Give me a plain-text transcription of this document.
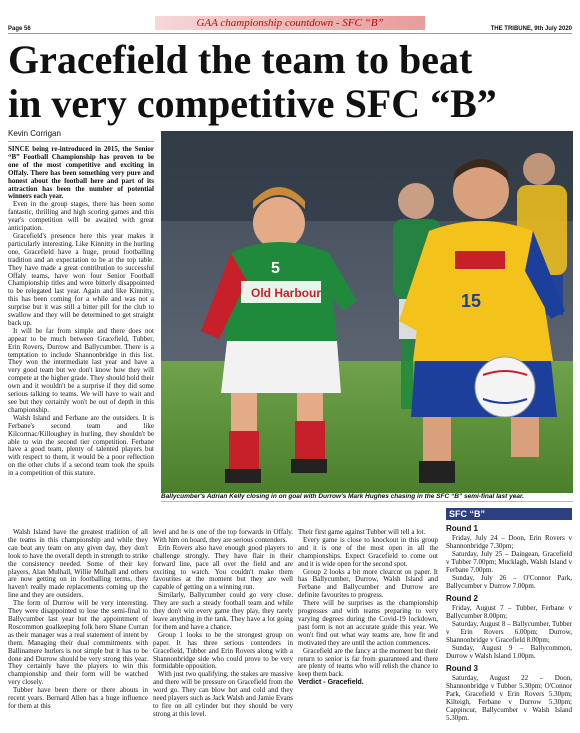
Page 56	GAA championship countdown - SFC “B”	THE TRIBUNE, 9th July 2020
Gracefield the team to beat
in very competitive SFC “B”
Kevin Corrigan

SINCE being re-introduced in 2015, the Senior “B” Football Championship has proven to be one of the most competitive and exciting in Offaly. There has been something very pure and honest about the football here and part of its attraction has been the number of potential winners each year.

Even in the group stages, there has been some fantastic, thrilling and high scoring games and this year's competition will be awaited with great anticipation.

Gracefield's presence here this year makes it particularly interesting. Like Kinnitty in the hurling one, Gracefield have a huge, proud footballing tradition and an expectation to be at the top table. They have made a great contribution to successful Offaly teams, have won four Senior Football Championship titles and were bitterly disappointed to be relegated last year. Again and like Kinnitty, this has been coming for a while and was not a surprise but it was still a bitter pill for the club to swallow and they will be determined to get straight back up.

It will be far from simple and there does not appear to be much between Gracefield, Tubber, Erin Rovers, Durrow and Ballycumber. There is a temptation to include Shannonbridge in this list. They won the intermediate last year and have a very good team but we don't know how they will compete at the higher grade. They should hold their own and it wouldn't be a surprise if they did some serious talking to teams. We will have to wait and see but they certainly won't be out of depth in this championship.

Walsh Island and Ferbane are the outsiders. It is Ferbane's second team and like Kilcormac/Killoughey in hurling, they shouldn't be able to win the second tier competition. Ferbane have a good team, plenty of talented players but with respect to them, it would be a poor reflection on the other clubs if a second team took the spoils in a competition of this stature.

Old Harbour
5
15
Ballycumber's Adrian Kelly closing in on goal with Durrow's Mark Hughes chasing in the SFC “B” semi-final last year.

Walsh Island have the greatest tradition of all the teams in this championship and while they can beat any team on any given day, they don't look to have the overall depth in strength to strike the consistency needed. Some of their key players, Alan Mulhall, Willie Mulhall and others are now getting on in footballing terms, they haven't really made replacements coming up the line and they are outsiders.

The form of Durrow will be very interesting. They were disappointed to lose the semi-final to Ballycumber last year but the appointment of Roscommon goalkeeping folk hero Shane Curran as their manager was a real statement of intent by them. Managing their dual commitments with Ballinamere hurlers is not simple but it has to be done and Durrow should be very strong this year. They certainly have the players to win this championship and their form will be watched very closely.

Tubber have been there or there abouts in recent years. Bernard Allen has a huge influence for them at this

level and he is one of the top forwards in Offaly. With him on board, they are serious contenders.

Erin Rovers also have enough good players to challenge strongly. They have flair in their forward line, pace all over the field and are exciting to watch. You couldn't make them favourites at the moment but they are well capable of getting on a winning run.

Similarly, Ballycumber could go very close. They are such a steady football team and while they don't win every game they play, they rarely leave anything in the tank. They have a lot going for them and have a chance.

Group 1 looks to be the strongest group on paper. It has three serious contenders in Gracefield, Tubber and Erin Rovers along with a Shannonbridge side who could prove to be very formidable opposition.

With just two qualifying, the stakes are massive and there will be pressure on Gracefield from the word go. They can blow hot and cold and they need players such as Jack Walsh and Jamie Evans to fire on all cylinder but they should be very strong at this level.

Their first game against Tubber will tell a lot.

Every game is close to knockout in this group and it is one of the most open in all the championships. Expect Gracefield to come out and it is wide open for the second spot.

Group 2 looks a bit more clearcut on paper. It has Ballycumber, Durrow, Walsh Island and Ferbane and Ballycumber and Durrow are definite favourites to progress.

There will be surprises as the championship progresses and with teams preparing to very varying degrees during the Covid-19 lockdown, past form is not an accurate guide this year. We won't find out what way teams are, how fit and motivated they are until the action commences.

Gracefield are the fancy at the moment but their return to senior is far from guaranteed and there are plenty of teams who will relish the chance to keep them back.

Verdict - Gracefield.

SFC “B”
Round 1

Friday, July 24 – Doon, Erin Rovers v Shannonbridge 7.30pm;

Saturday, July 25 – Daingean, Gracefield v Tubber 7.00pm; Mucklagh, Walsh Island v Ferbane 7.00pm.

Sunday, July 26 – O'Connor Park, Ballycumber v Durrow 7.00pm.

Round 2

Friday, August 7 – Tubber, Ferbane v Ballycumber 8.00pm;

Saturday, August 8 – Ballycumber, Tubber v Erin Rovers 6.00pm; Durrow, Shannonbridge v Gracefield 8.00pm;

Sunday, August 9 – Ballycommon, Durrow v Walsh Island 1.00pm.

Round 3

Saturday, August 22 – Doon, Shannonbridge v Tubber 5.30pm; O'Connor Park, Gracefield v Erin Rovers 5.30pm; Kilteigh, Ferbane v Durrow 5.30pm; Cappincur, Ballycumber v Walsh Island 5.30pm.
